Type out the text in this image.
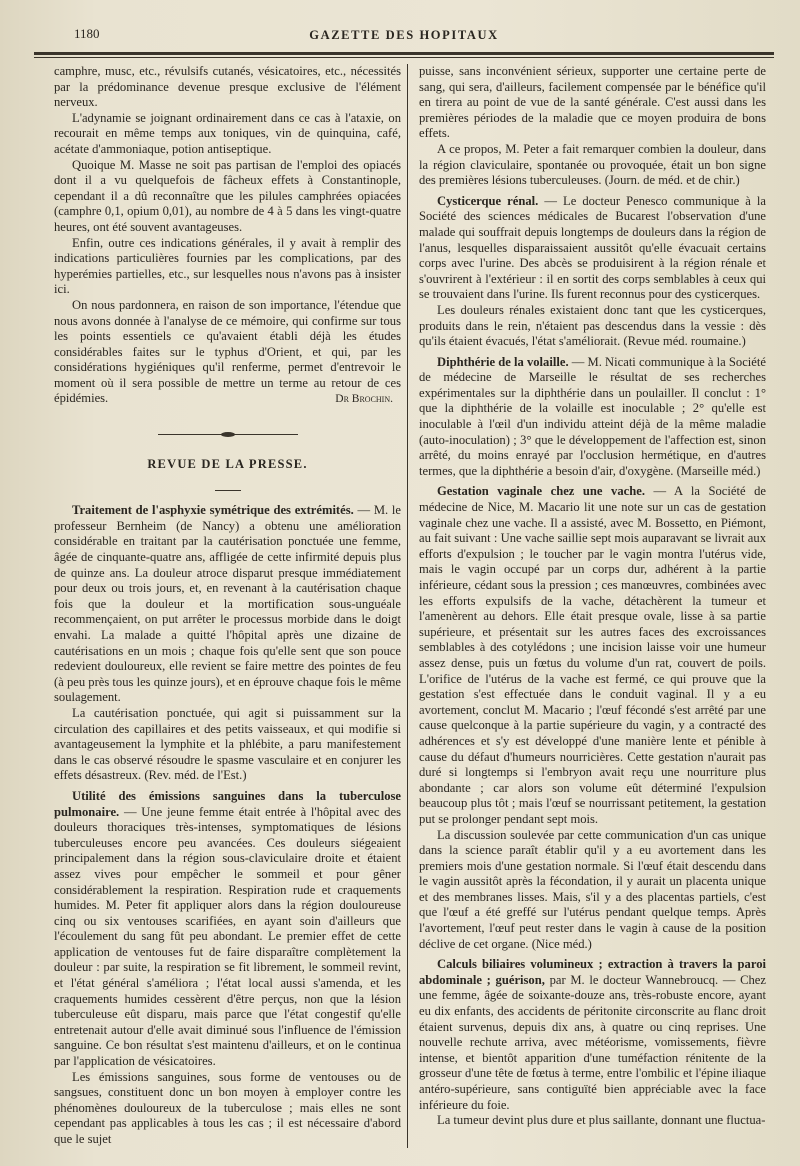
1180	GAZETTE DES HOPITAUX

camphre, musc, etc., révulsifs cutanés, vésicatoires, etc., nécessités par la prédominance devenue presque exclusive de l'élément nerveux.

L'adynamie se joignant ordinairement dans ce cas à l'ataxie, on recourait en même temps aux toniques, vin de quinquina, café, acétate d'ammoniaque, potion antiseptique.

Quoique M. Masse ne soit pas partisan de l'emploi des opiacés dont il a vu quelquefois de fâcheux effets à Constantinople, cependant il a dû reconnaître que les pilules camphrées opiacées (camphre 0,1, opium 0,01), au nombre de 4 à 5 dans les vingt-quatre heures, ont été souvent avantageuses.

Enfin, outre ces indications générales, il y avait à remplir des indications particulières fournies par les complications, par des hyperémies partielles, etc., sur lesquelles nous n'avons pas à insister ici.

On nous pardonnera, en raison de son importance, l'étendue que nous avons donnée à l'analyse de ce mémoire, qui confirme sur tous les points essentiels ce qu'avaient établi déjà les études considérables faites sur le typhus d'Orient, et qui, par les considérations hygiéniques qu'il renferme, permet d'entrevoir le moment où il sera possible de mettre un terme au retour de ces épidémies.	Dr Brochin.
REVUE DE LA PRESSE.

Traitement de l'asphyxie symétrique des extrémités. — M. le professeur Bernheim (de Nancy) a obtenu une amélioration considérable en traitant par la cautérisation ponctuée une femme, âgée de cinquante-quatre ans, affligée de cette infirmité depuis plus de quinze ans. La douleur atroce disparut presque immédiatement pour deux ou trois jours, et, en revenant à la cautérisation chaque fois que la douleur et la mortification sous-unguéale recommençaient, on put arrêter le processus morbide dans le doigt envahi. La malade a quitté l'hôpital après une dizaine de cautérisations en un mois ; chaque fois qu'elle sent que son pouce redevient douloureux, elle revient se faire mettre des pointes de feu (à peu près tous les quinze jours), et en éprouve chaque fois le même soulagement.

La cautérisation ponctuée, qui agit si puissamment sur la circulation des capillaires et des petits vaisseaux, et qui modifie si avantageusement la lymphite et la phlébite, a paru manifestement dans le cas observé résoudre le spasme vasculaire et en conjurer les effets désastreux. (Rev. méd. de l'Est.)

Utilité des émissions sanguines dans la tuberculose pulmonaire. — Une jeune femme était entrée à l'hôpital avec des douleurs thoraciques très-intenses, symptomatiques de lésions tuberculeuses encore peu avancées. Ces douleurs siégeaient principalement dans la région sous-claviculaire droite et étaient assez vives pour empêcher le sommeil et pour gêner considérablement la respiration. Respiration rude et craquements humides. M. Peter fit appliquer alors dans la région douloureuse cinq ou six ventouses scarifiées, en ayant soin d'ailleurs que l'écoulement du sang fût peu abondant. Le premier effet de cette application de ventouses fut de faire disparaître complètement la douleur : par suite, la respiration se fit librement, le sommeil revint, et l'état général s'améliora ; l'état local aussi s'amenda, et les craquements humides cessèrent d'être perçus, non que la lésion tuberculeuse eût disparu, mais parce que l'état congestif qu'elle entretenait autour d'elle avait diminué sous l'influence de l'émission sanguine. Ce bon résultat s'est maintenu d'ailleurs, et on le continua par l'application de vésicatoires.

Les émissions sanguines, sous forme de ventouses ou de sangsues, constituent donc un bon moyen à employer contre les phénomènes douloureux de la tuberculose ; mais elles ne sont cependant pas applicables à tous les cas ; il est nécessaire d'abord que le sujet

puisse, sans inconvénient sérieux, supporter une certaine perte de sang, qui sera, d'ailleurs, facilement compensée par le bénéfice qu'il en tirera au point de vue de la santé générale. C'est aussi dans les premières périodes de la maladie que ce moyen produira de bons effets.

A ce propos, M. Peter a fait remarquer combien la douleur, dans la région claviculaire, spontanée ou provoquée, était un bon signe des premières lésions tuberculeuses. (Journ. de méd. et de chir.)

Cysticerque rénal. — Le docteur Penesco communique à la Société des sciences médicales de Bucarest l'observation d'une malade qui souffrait depuis longtemps de douleurs dans la région de l'anus, lesquelles disparaissaient aussitôt qu'elle évacuait certains corps avec l'urine. Des abcès se produisirent à la région rénale et s'ouvrirent à l'extérieur : il en sortit des corps semblables à ceux qui se trouvaient dans l'urine. Ils furent reconnus pour des cysticerques.

Les douleurs rénales existaient donc tant que les cysticerques, produits dans le rein, n'étaient pas descendus dans la vessie : dès qu'ils étaient évacués, l'état s'améliorait. (Revue méd. roumaine.)

Diphthérie de la volaille. — M. Nicati communique à la Société de médecine de Marseille le résultat de ses recherches expérimentales sur la diphthérie dans un poulailler. Il conclut : 1° que la diphthérie de la volaille est inoculable ; 2° qu'elle est inoculable à l'œil d'un individu atteint déjà de la même maladie (auto-inoculation) ; 3° que le développement de l'affection est, sinon arrêté, du moins enrayé par l'occlusion hermétique, en d'autres termes, que la diphthérie a besoin d'air, d'oxygène. (Marseille méd.)

Gestation vaginale chez une vache. — A la Société de médecine de Nice, M. Macario lit une note sur un cas de gestation vaginale chez une vache. Il a assisté, avec M. Bossetto, en Piémont, au fait suivant : Une vache saillie sept mois auparavant se livrait aux efforts d'expulsion ; le toucher par le vagin montra l'utérus vide, mais le vagin occupé par un corps dur, adhérent à la partie inférieure, cédant sous la pression ; ces manœuvres, combinées avec les efforts expulsifs de la vache, détachèrent la tumeur et l'amenèrent au dehors. Elle était presque ovale, lisse à sa partie supérieure, et présentait sur les autres faces des excroissances semblables à des cotylédons ; une incision laisse voir une humeur assez dense, puis un fœtus du volume d'un rat, couvert de poils. L'orifice de l'utérus de la vache est fermé, ce qui prouve que la gestation s'est effectuée dans le conduit vaginal. Il y a eu avortement, conclut M. Macario ; l'œuf fécondé s'est arrêté par une cause quelconque à la partie supérieure du vagin, y a contracté des adhérences et s'y est développé d'une manière lente et pénible à cause du défaut d'humeurs nourricières. Cette gestation n'aurait pas duré si longtemps si l'embryon avait reçu une nourriture plus abondante ; car alors son volume eût déterminé l'expulsion beaucoup plus tôt ; mais l'œuf se nourrissant petitement, la gestation put se prolonger pendant sept mois.

La discussion soulevée par cette communication d'un cas unique dans la science paraît établir qu'il y a eu avortement dans les premiers mois d'une gestation normale. Si l'œuf était descendu dans le vagin aussitôt après la fécondation, il y aurait un placenta unique et des membranes lisses. Mais, s'il y a des placentas partiels, c'est que l'œuf a été greffé sur l'utérus pendant quelque temps. Après l'avortement, l'œuf peut rester dans le vagin à cause de la position déclive de cet organe. (Nice méd.)

Calculs biliaires volumineux ; extraction à travers la paroi abdominale ; guérison, par M. le docteur Wannebroucq. — Chez une femme, âgée de soixante-douze ans, très-robuste encore, ayant eu dix enfants, des accidents de péritonite circonscrite au flanc droit étaient survenus, depuis dix ans, à quatre ou cinq reprises. Une nouvelle rechute arriva, avec météorisme, vomissements, fièvre intense, et bientôt apparition d'une tuméfaction rénitente de la grosseur d'une tête de fœtus à terme, entre l'ombilic et l'épine iliaque antéro-supérieure, sans contiguïté bien appréciable avec la face inférieure du foie.

La tumeur devint plus dure et plus saillante, donnant une fluctua-
